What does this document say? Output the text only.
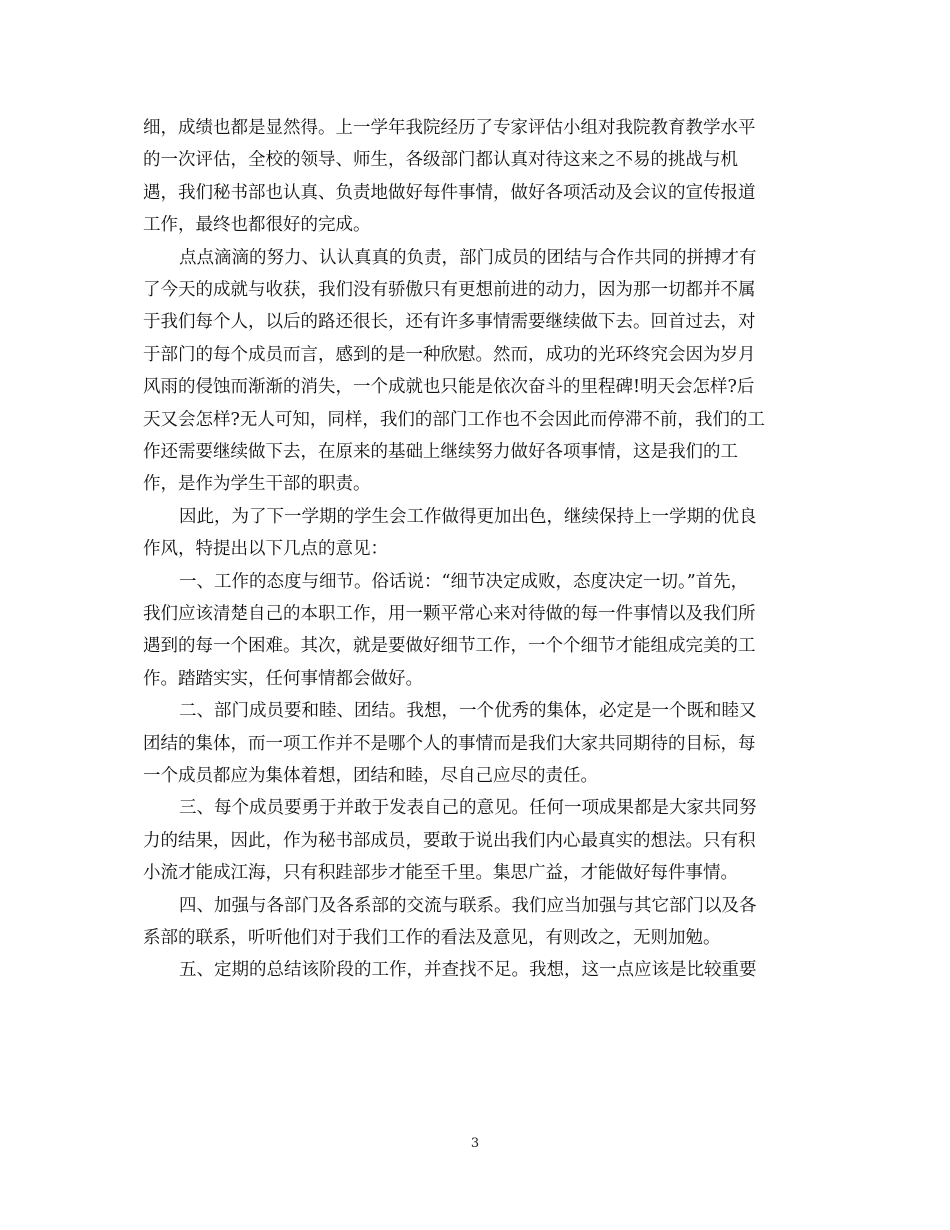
细，成绩也都是显然得。上一学年我院经历了专家评估小组对我院教育教学水平
的一次评估，全校的领导、师生，各级部门都认真对待这来之不易的挑战与机
遇，我们秘书部也认真、负责地做好每件事情，做好各项活动及会议的宣传报道
工作，最终也都很好的完成。
点点滴滴的努力、认认真真的负责，部门成员的团结与合作共同的拼搏才有
了今天的成就与收获，我们没有骄傲只有更想前进的动力，因为那一切都并不属
于我们每个人，以后的路还很长，还有许多事情需要继续做下去。回首过去，对
于部门的每个成员而言，感到的是一种欣慰。然而，成功的光环终究会因为岁月
风雨的侵蚀而渐渐的消失，一个成就也只能是依次奋斗的里程碑!明天会怎样?后
天又会怎样?无人可知，同样，我们的部门工作也不会因此而停滞不前，我们的工
作还需要继续做下去，在原来的基础上继续努力做好各项事情，这是我们的工
作，是作为学生干部的职责。
因此，为了下一学期的学生会工作做得更加出色，继续保持上一学期的优良
作风，特提出以下几点的意见：
一、工作的态度与细节。俗话说：“细节决定成败，态度决定一切。”首先，
我们应该清楚自己的本职工作，用一颗平常心来对待做的每一件事情以及我们所
遇到的每一个困难。其次，就是要做好细节工作，一个个细节才能组成完美的工
作。踏踏实实，任何事情都会做好。
二、部门成员要和睦、团结。我想，一个优秀的集体，必定是一个既和睦又
团结的集体，而一项工作并不是哪个人的事情而是我们大家共同期待的目标，每
一个成员都应为集体着想，团结和睦，尽自己应尽的责任。
三、每个成员要勇于并敢于发表自己的意见。任何一项成果都是大家共同努
力的结果，因此，作为秘书部成员，要敢于说出我们内心最真实的想法。只有积
小流才能成江海，只有积跬部步才能至千里。集思广益，才能做好每件事情。
四、加强与各部门及各系部的交流与联系。我们应当加强与其它部门以及各
系部的联系，听听他们对于我们工作的看法及意见，有则改之，无则加勉。
五、定期的总结该阶段的工作，并查找不足。我想，这一点应该是比较重要
3
